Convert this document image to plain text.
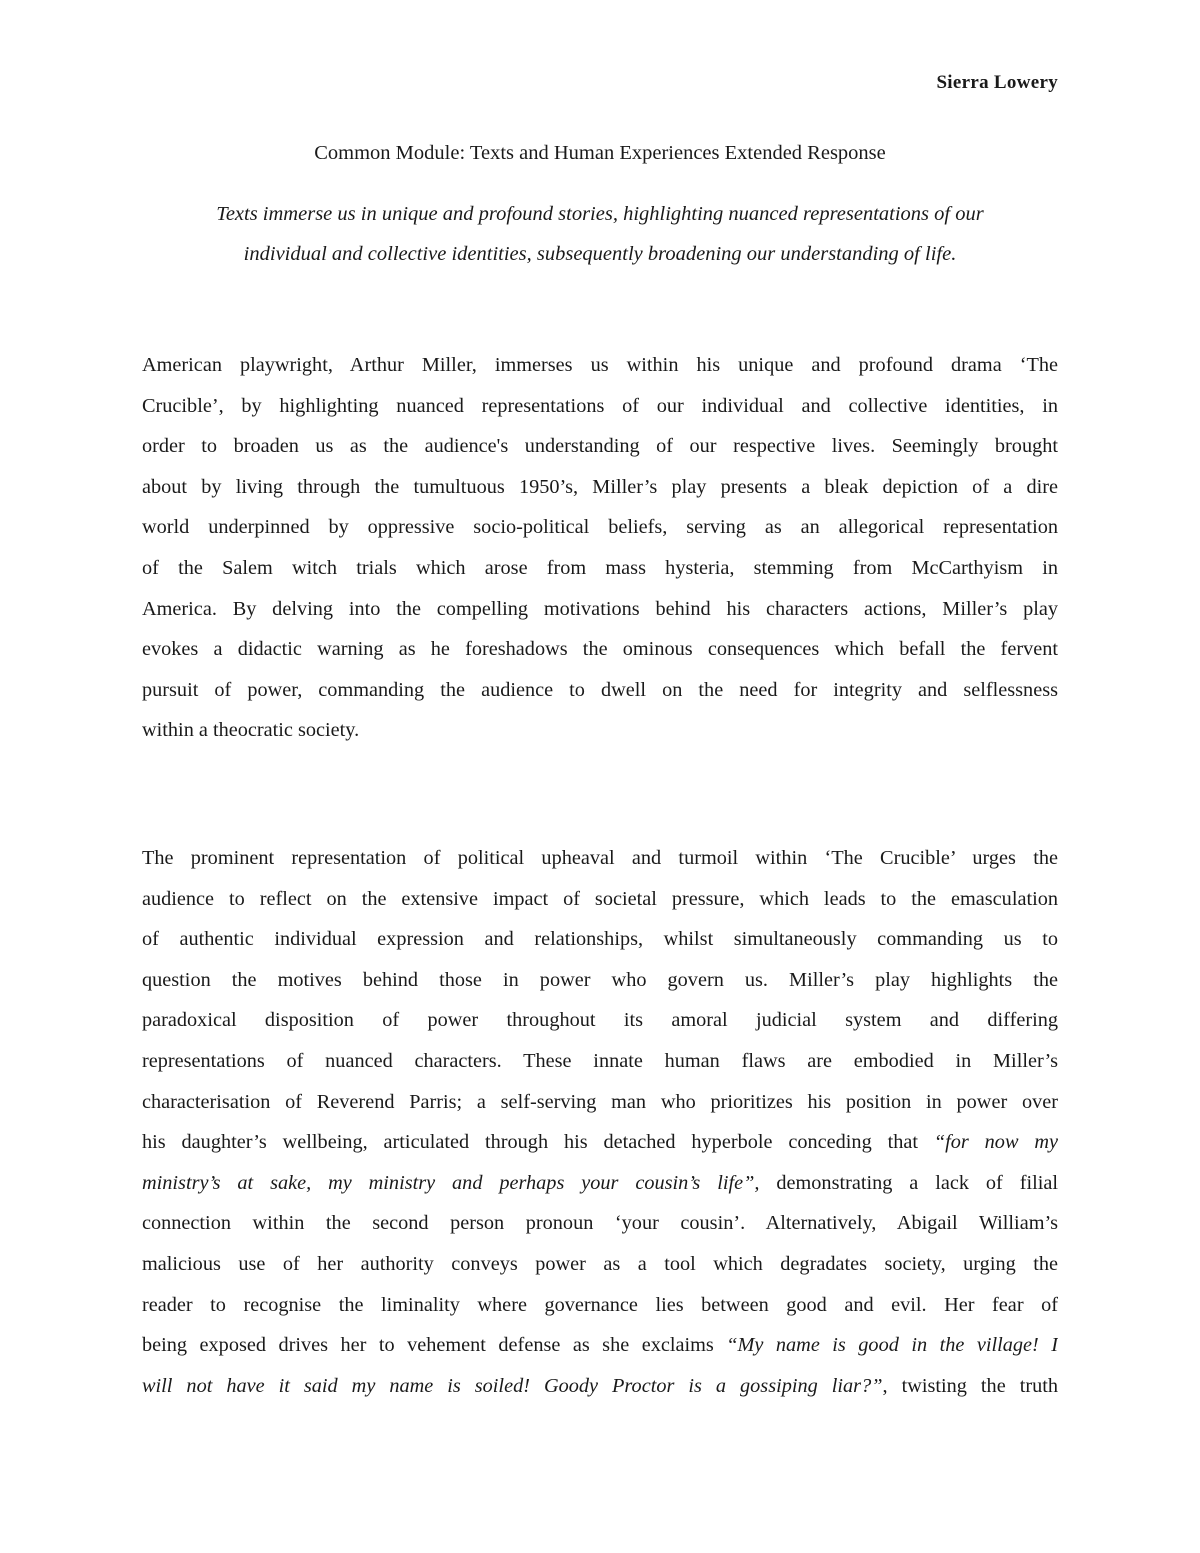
Sierra Lowery
Common Module: Texts and Human Experiences Extended Response
Texts immerse us in unique and profound stories, highlighting nuanced representations of our
individual and collective identities, subsequently broadening our understanding of life.
American playwright, Arthur Miller, immerses us within his unique and profound drama ‘The
Crucible’, by highlighting nuanced representations of our individual and collective identities, in
order to broaden us as the audience's understanding of our respective lives. Seemingly brought
about by living through the tumultuous 1950’s, Miller’s play presents a bleak depiction of a dire
world underpinned by oppressive socio-political beliefs, serving as an allegorical representation
of the Salem witch trials which arose from mass hysteria, stemming from McCarthyism in
America. By delving into the compelling motivations behind his characters actions, Miller’s play
evokes a didactic warning as he foreshadows the ominous consequences which befall the fervent
pursuit of power, commanding the audience to dwell on the need for integrity and selflessness
within a theocratic society.
The prominent representation of political upheaval and turmoil within ‘The Crucible’ urges the
audience to reflect on the extensive impact of societal pressure, which leads to the emasculation
of authentic individual expression and relationships, whilst simultaneously commanding us to
question the motives behind those in power who govern us. Miller’s play highlights the
paradoxical disposition of power throughout its amoral judicial system and differing
representations of nuanced characters. These innate human flaws are embodied in Miller’s
characterisation of Reverend Parris; a self-serving man who prioritizes his position in power over
his daughter’s wellbeing, articulated through his detached hyperbole conceding that “for now my
ministry’s at sake, my ministry and perhaps your cousin’s life”, demonstrating a lack of filial
connection within the second person pronoun ‘your cousin’. Alternatively, Abigail William’s
malicious use of her authority conveys power as a tool which degradates society, urging the
reader to recognise the liminality where governance lies between good and evil. Her fear of
being exposed drives her to vehement defense as she exclaims “My name is good in the village! I
will not have it said my name is soiled! Goody Proctor is a gossiping liar?”, twisting the truth
